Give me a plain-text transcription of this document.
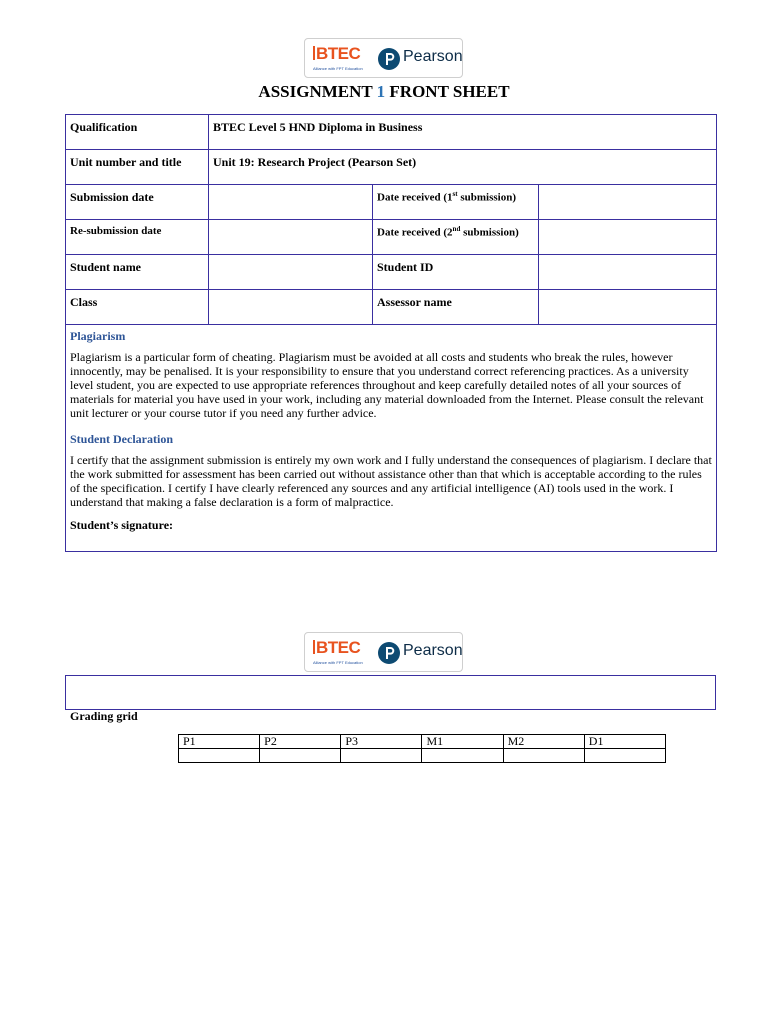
BTEC
Alliance with FPT Education
Pearson
ASSIGNMENT 1 FRONT SHEET
Qualification	BTEC Level 5 HND Diploma in Business		
Unit number and title	Unit 19: Research Project (Pearson Set)		
Submission date		Date received (1st submission)	
Re-submission date		Date received (2nd submission)	
Student name		Student ID	
Class		Assessor name	

Plagiarism
Plagiarism is a particular form of cheating. Plagiarism must be avoided at all costs and students who break the rules, however innocently, may be penalised. It is your responsibility to ensure that you understand correct referencing practices. As a university level student, you are expected to use appropriate references throughout and keep carefully detailed notes of all your sources of materials for material you have used in your work, including any material downloaded from the Internet. Please consult the relevant unit lecturer or your course tutor if you need any further advice.
Student Declaration
I certify that the assignment submission is entirely my own work and I fully understand the consequences of plagiarism. I declare that the work submitted for assessment has been carried out without assistance other than that which is acceptable according to the rules of the specification. I certify I have clearly referenced any sources and any artificial intelligence (AI) tools used in the work. I understand that making a false declaration is a form of malpractice.
Student’s signature:			
BTEC
Alliance with FPT Education
Pearson
Grading grid
P1	P2	P3	M1	M2	D1
